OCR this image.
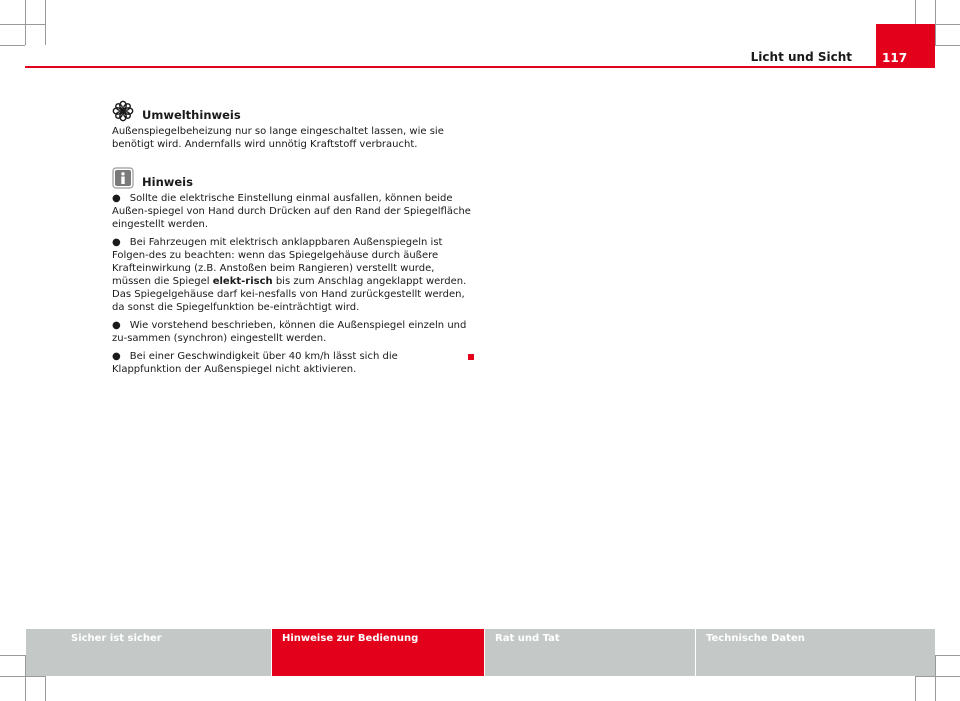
Licht und Sicht	117
Umwelthinweis

Außenspiegelbeheizung nur so lange eingeschaltet lassen, wie sie benötigt wird. Andernfalls wird unnötig Kraftstoff verbraucht.

Hinweis

● Sollte die elektrische Einstellung einmal ausfallen, können beide Außen-spiegel von Hand durch Drücken auf den Rand der Spiegelfläche eingestellt werden.

● Bei Fahrzeugen mit elektrisch anklappbaren Außenspiegeln ist Folgen-des zu beachten: wenn das Spiegelgehäuse durch äußere Krafteinwirkung (z.B. Anstoßen beim Rangieren) verstellt wurde, müssen die Spiegel elekt-risch bis zum Anschlag angeklappt werden. Das Spiegelgehäuse darf kei-nesfalls von Hand zurückgestellt werden, da sonst die Spiegelfunktion be-einträchtigt wird.

● Wie vorstehend beschrieben, können die Außenspiegel einzeln und zu-sammen (synchron) eingestellt werden.

● Bei einer Geschwindigkeit über 40 km/h lässt sich die Klappfunktion der Außenspiegel nicht aktivieren.

Sicher ist sicher	Hinweise zur Bedienung	Rat und Tat	Technische Daten
